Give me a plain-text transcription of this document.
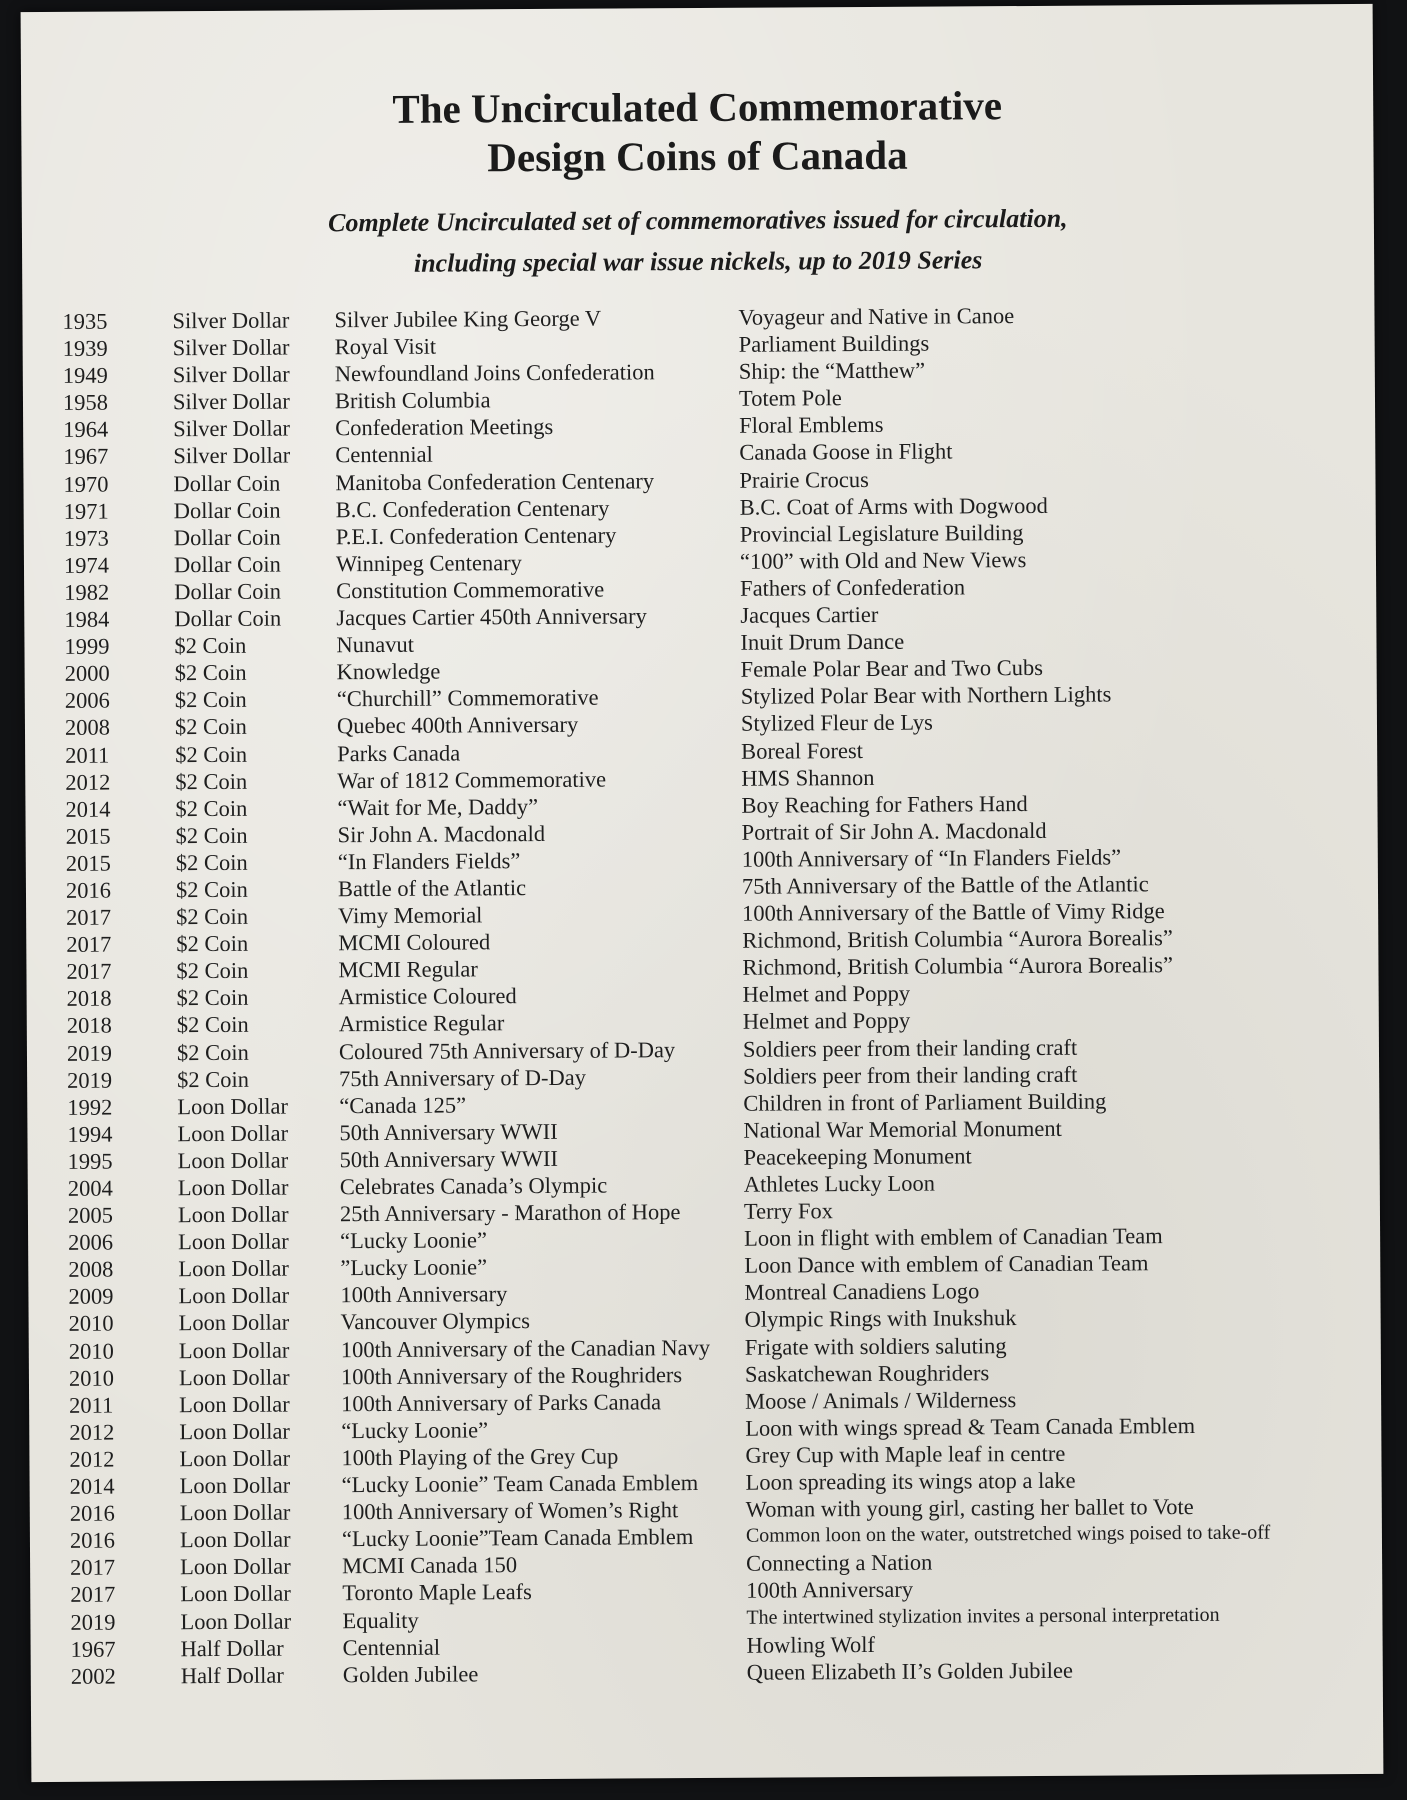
The Uncirculated Commemorative
Design Coins of Canada
Complete Uncirculated set of commemoratives issued for circulation,
including special war issue nickels, up to 2019 Series
1935	Silver Dollar	Silver Jubilee King George V	Voyageur and Native in Canoe
1939	Silver Dollar	Royal Visit	Parliament Buildings
1949	Silver Dollar	Newfoundland Joins Confederation	Ship: the “Matthew”
1958	Silver Dollar	British Columbia	Totem Pole
1964	Silver Dollar	Confederation Meetings	Floral Emblems
1967	Silver Dollar	Centennial	Canada Goose in Flight
1970	Dollar Coin	Manitoba Confederation Centenary	Prairie Crocus
1971	Dollar Coin	B.C. Confederation Centenary	B.C. Coat of Arms with Dogwood
1973	Dollar Coin	P.E.I. Confederation Centenary	Provincial Legislature Building
1974	Dollar Coin	Winnipeg Centenary	“100” with Old and New Views
1982	Dollar Coin	Constitution Commemorative	Fathers of Confederation
1984	Dollar Coin	Jacques Cartier 450th Anniversary	Jacques Cartier
1999	$2 Coin	Nunavut	Inuit Drum Dance
2000	$2 Coin	Knowledge	Female Polar Bear and Two Cubs
2006	$2 Coin	“Churchill” Commemorative	Stylized Polar Bear with Northern Lights
2008	$2 Coin	Quebec 400th Anniversary	Stylized Fleur de Lys
2011	$2 Coin	Parks Canada	Boreal Forest
2012	$2 Coin	War of 1812 Commemorative	HMS Shannon
2014	$2 Coin	“Wait for Me, Daddy”	Boy Reaching for Fathers Hand
2015	$2 Coin	Sir John A. Macdonald	Portrait of Sir John A. Macdonald
2015	$2 Coin	“In Flanders Fields”	100th Anniversary of “In Flanders Fields”
2016	$2 Coin	Battle of the Atlantic	75th Anniversary of the Battle of the Atlantic
2017	$2 Coin	Vimy Memorial	100th Anniversary of the Battle of Vimy Ridge
2017	$2 Coin	MCMI Coloured	Richmond, British Columbia “Aurora Borealis”
2017	$2 Coin	MCMI Regular	Richmond, British Columbia “Aurora Borealis”
2018	$2 Coin	Armistice Coloured	Helmet and Poppy
2018	$2 Coin	Armistice Regular	Helmet and Poppy
2019	$2 Coin	Coloured 75th Anniversary of D-Day	Soldiers peer from their landing craft
2019	$2 Coin	75th Anniversary of D-Day	Soldiers peer from their landing craft
1992	Loon Dollar	“Canada 125”	Children in front of Parliament Building
1994	Loon Dollar	50th Anniversary WWII	National War Memorial Monument
1995	Loon Dollar	50th Anniversary WWII	Peacekeeping Monument
2004	Loon Dollar	Celebrates Canada’s Olympic	Athletes Lucky Loon
2005	Loon Dollar	25th Anniversary - Marathon of Hope	Terry Fox
2006	Loon Dollar	“Lucky Loonie”	Loon in flight with emblem of Canadian Team
2008	Loon Dollar	”Lucky Loonie”	Loon Dance with emblem of Canadian Team
2009	Loon Dollar	100th Anniversary	Montreal Canadiens Logo
2010	Loon Dollar	Vancouver Olympics	Olympic Rings with Inukshuk
2010	Loon Dollar	100th Anniversary of the Canadian Navy	Frigate with soldiers saluting
2010	Loon Dollar	100th Anniversary of the Roughriders	Saskatchewan Roughriders
2011	Loon Dollar	100th Anniversary of Parks Canada	Moose / Animals / Wilderness
2012	Loon Dollar	“Lucky Loonie”	Loon with wings spread & Team Canada Emblem
2012	Loon Dollar	100th Playing of the Grey Cup	Grey Cup with Maple leaf in centre
2014	Loon Dollar	“Lucky Loonie” Team Canada Emblem	Loon spreading its wings atop a lake
2016	Loon Dollar	100th Anniversary of Women’s Right	Woman with young girl, casting her ballet to Vote
2016	Loon Dollar	“Lucky Loonie”Team Canada Emblem	Common loon on the water, outstretched wings poised to take-off
2017	Loon Dollar	MCMI Canada 150	Connecting a Nation
2017	Loon Dollar	Toronto Maple Leafs	100th Anniversary
2019	Loon Dollar	Equality	The intertwined stylization invites a personal interpretation
1967	Half Dollar	Centennial	Howling Wolf
2002	Half Dollar	Golden Jubilee	Queen Elizabeth II’s Golden Jubilee
